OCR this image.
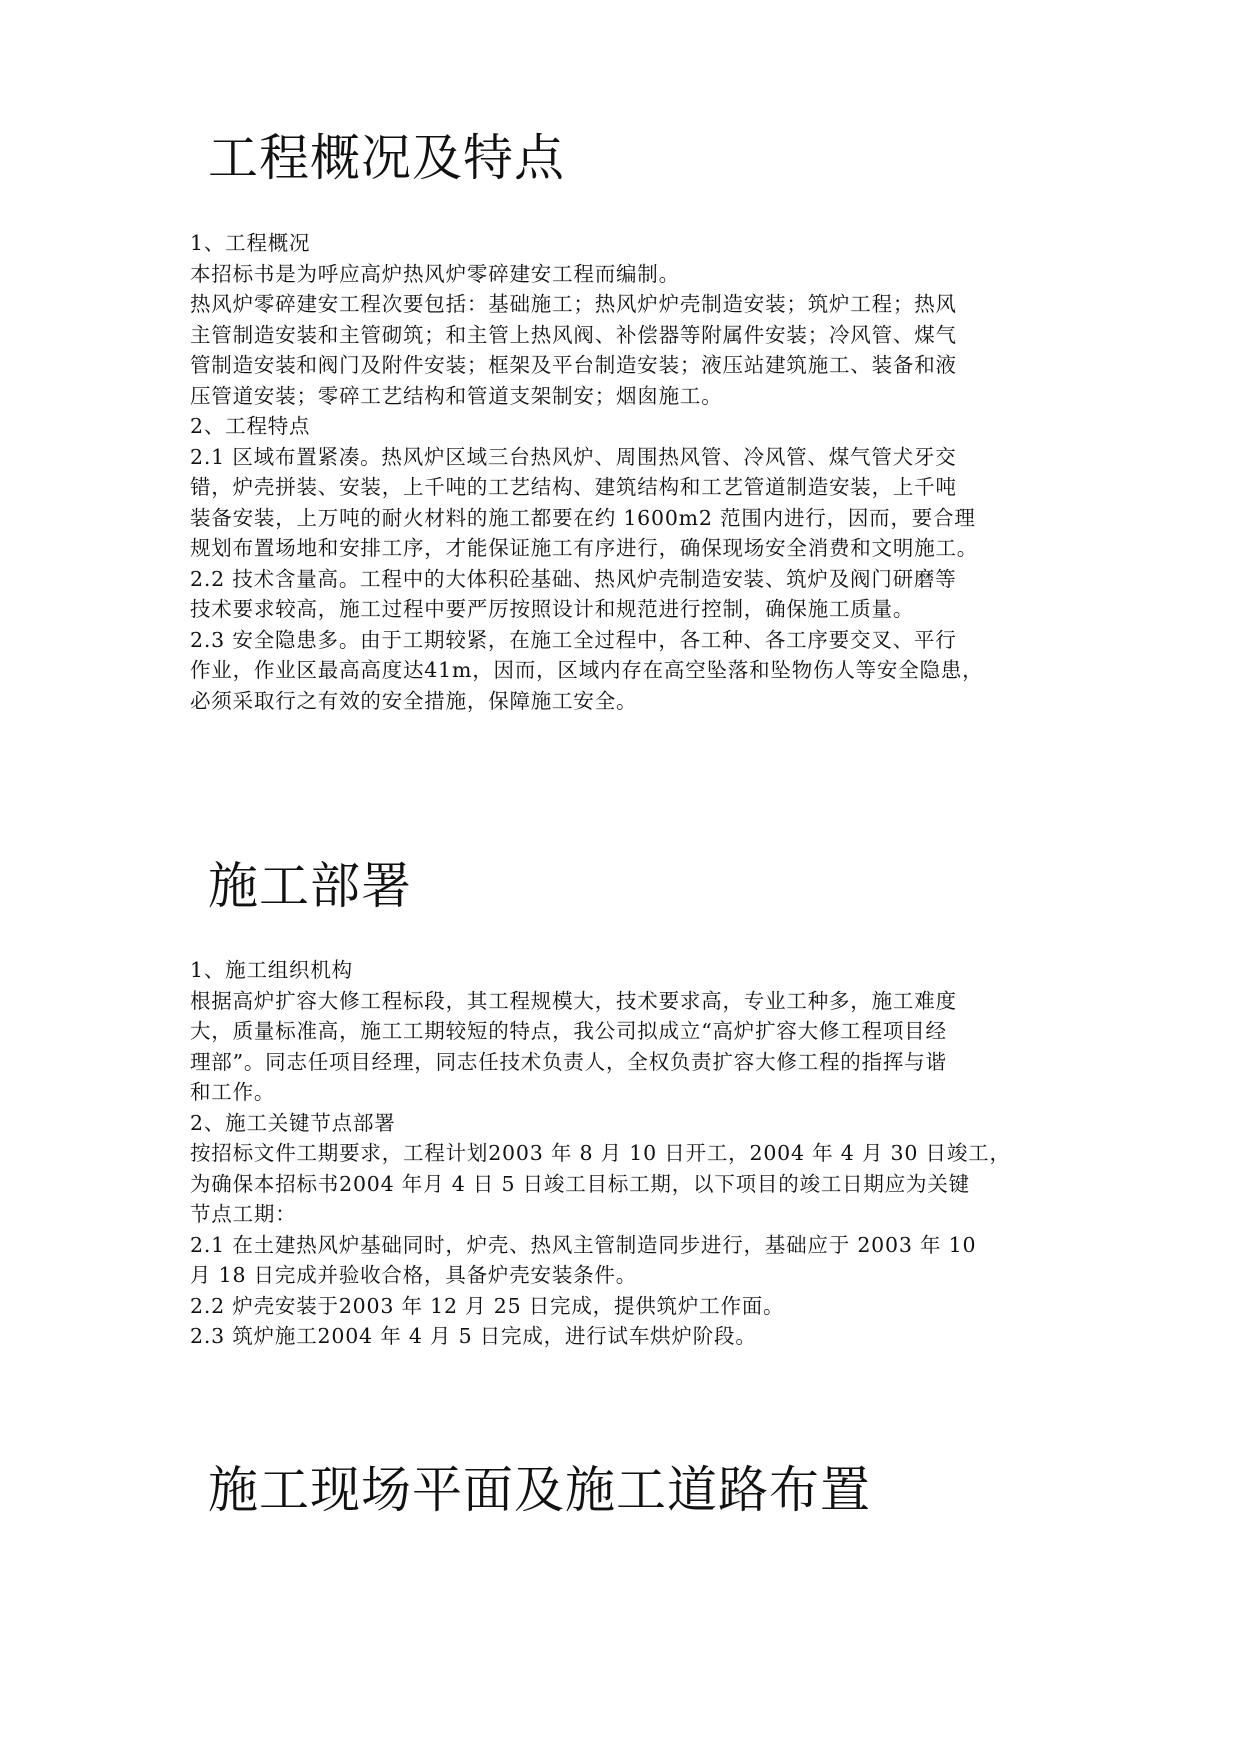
工程概况及特点
1、工程概况
本招标书是为呼应高炉热风炉零碎建安工程而编制。
热风炉零碎建安工程次要包括：基础施工；热风炉炉壳制造安装；筑炉工程；热风
主管制造安装和主管砌筑；和主管上热风阀、补偿器等附属件安装；冷风管、煤气
管制造安装和阀门及附件安装；框架及平台制造安装；液压站建筑施工、装备和液
压管道安装；零碎工艺结构和管道支架制安；烟囱施工。
2、工程特点
2.1 区域布置紧凑。热风炉区域三台热风炉、周围热风管、冷风管、煤气管犬牙交
错，炉壳拼装、安装，上千吨的工艺结构、建筑结构和工艺管道制造安装，上千吨
装备安装，上万吨的耐火材料的施工都要在约 1600m2 范围内进行，因而，要合理
规划布置场地和安排工序，才能保证施工有序进行，确保现场安全消费和文明施工。
2.2 技术含量高。工程中的大体积砼基础、热风炉壳制造安装、筑炉及阀门研磨等
技术要求较高，施工过程中要严厉按照设计和规范进行控制，确保施工质量。
2.3 安全隐患多。由于工期较紧，在施工全过程中，各工种、各工序要交叉、平行
作业，作业区最高高度达41m，因而，区域内存在高空坠落和坠物伤人等安全隐患，
必须采取行之有效的安全措施，保障施工安全。
施工部署
1、施工组织机构
根据高炉扩容大修工程标段，其工程规模大，技术要求高，专业工种多，施工难度
大，质量标准高，施工工期较短的特点，我公司拟成立“高炉扩容大修工程项目经
理部”。同志任项目经理，同志任技术负责人，全权负责扩容大修工程的指挥与谐
和工作。
2、施工关键节点部署
按招标文件工期要求，工程计划2003 年 8 月 10 日开工，2004 年 4 月 30 日竣工，
为确保本招标书2004 年月 4 日 5 日竣工目标工期，以下项目的竣工日期应为关键
节点工期：
2.1 在土建热风炉基础同时，炉壳、热风主管制造同步进行，基础应于 2003 年 10
月 18 日完成并验收合格，具备炉壳安装条件。
2.2 炉壳安装于2003 年 12 月 25 日完成，提供筑炉工作面。
2.3 筑炉施工2004 年 4 月 5 日完成，进行试车烘炉阶段。
施工现场平面及施工道路布置
